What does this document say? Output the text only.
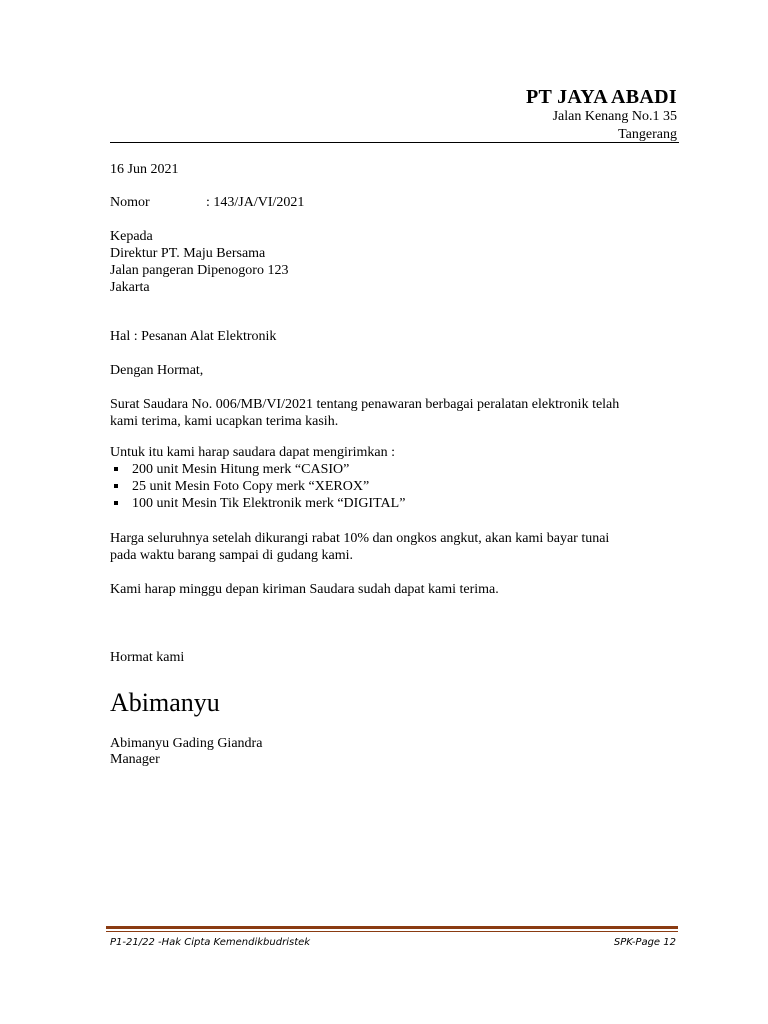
PT JAYA ABADI
Jalan Kenang No.1 35
Tangerang
16 Jun 2021
Nomor	: 143/JA/VI/2021
Kepada
Direktur PT. Maju Bersama
Jalan pangeran Dipenogoro 123
Jakarta
Hal : Pesanan Alat Elektronik
Dengan Hormat,
Surat Saudara No. 006/MB/VI/2021 tentang penawaran berbagai peralatan elektronik telah
kami terima, kami ucapkan terima kasih.
Untuk itu kami harap saudara dapat mengirimkan :
200 unit Mesin Hitung merk “CASIO”
25 unit Mesin Foto Copy merk “XEROX”
100 unit Mesin Tik Elektronik merk “DIGITAL”
Harga seluruhnya setelah dikurangi rabat 10% dan ongkos angkut, akan kami bayar tunai
pada waktu barang sampai di gudang kami.
Kami harap minggu depan kiriman Saudara sudah dapat kami terima.
Hormat kami
Abimanyu
Abimanyu Gading Giandra
Manager
P1-21/22 -Hak Cipta Kemendikbudristek	SPK-Page 12
